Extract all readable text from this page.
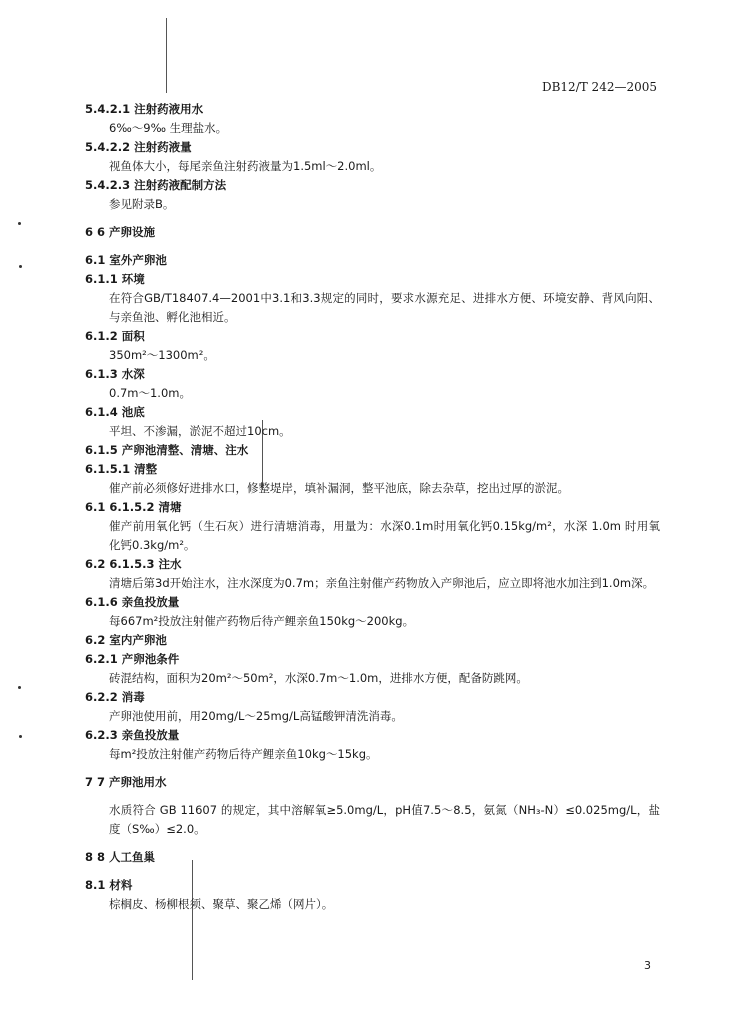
DB12/T 242—2005
5.4.2.1 注射药液用水
6‰～9‰ 生理盐水。
5.4.2.2 注射药液量
视鱼体大小，每尾亲鱼注射药液量为1.5ml～2.0ml。
5.4.2.3 注射药液配制方法
参见附录B。
6 6 产卵设施
6.1 室外产卵池
6.1.1 环境
在符合GB/T18407.4—2001中3.1和3.3规定的同时，要求水源充足、进排水方便、环境安静、背风向阳、与亲鱼池、孵化池相近。
6.1.2 面积
350m²～1300m²。
6.1.3 水深
0.7m～1.0m。
6.1.4 池底
平坦、不渗漏，淤泥不超过10cm。
6.1.5 产卵池清整、清塘、注水
6.1.5.1 清整
催产前必须修好进排水口，修整堤岸，填补漏洞，整平池底，除去杂草，挖出过厚的淤泥。
6.1 6.1.5.2 清塘
催产前用氧化钙（生石灰）进行清塘消毒，用量为：水深0.1m时用氧化钙0.15kg/m²，水深 1.0m 时用氧化钙0.3kg/m²。
6.2 6.1.5.3 注水
清塘后第3d开始注水，注水深度为0.7m；亲鱼注射催产药物放入产卵池后，应立即将池水加注到1.0m深。
6.1.6 亲鱼投放量
每667m²投放注射催产药物后待产鲤亲鱼150kg～200kg。
6.2 室内产卵池
6.2.1 产卵池条件
砖混结构，面积为20m²～50m²，水深0.7m～1.0m，进排水方便，配备防跳网。
6.2.2 消毒
产卵池使用前，用20mg/L～25mg/L高锰酸钾清洗消毒。
6.2.3 亲鱼投放量
每m²投放注射催产药物后待产鲤亲鱼10kg～15kg。
7 7 产卵池用水
水质符合 GB 11607 的规定，其中溶解氧≥5.0mg/L，pH值7.5～8.5，氨氮（NH₃-N）≤0.025mg/L，盐度（S‰）≤2.0。
8 8 人工鱼巢
8.1 材料
棕榈皮、杨柳根须、聚草、聚乙烯（网片）。
3
